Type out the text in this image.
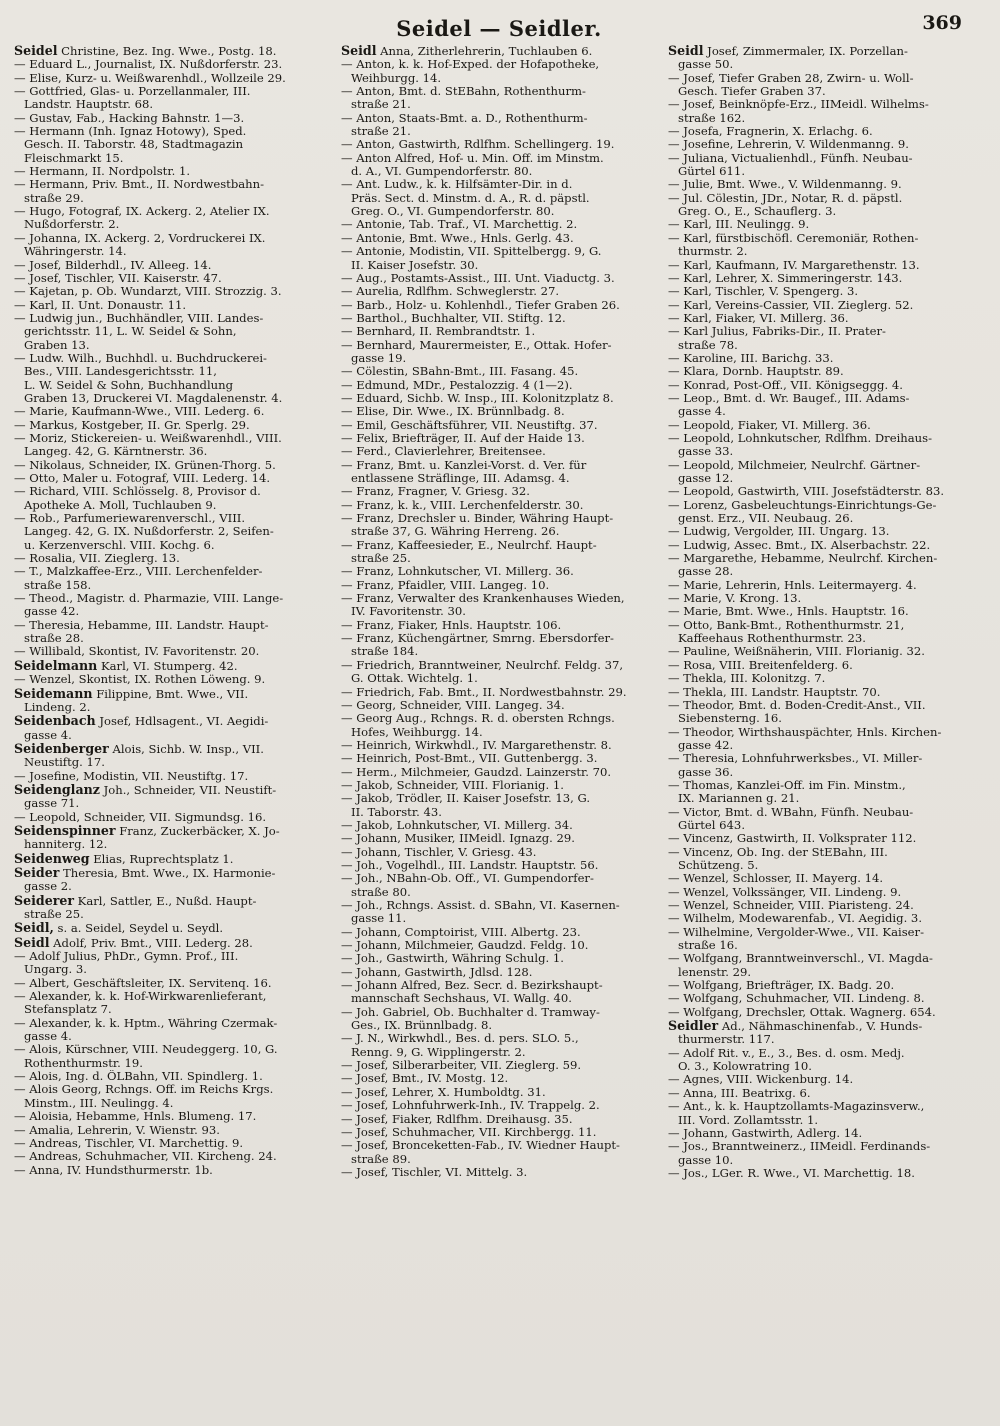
Seidel — Seidler.	369
Seidel Christine, Bez. Ing. Wwe., Postg. 18.
— Eduard L., Journalist, IX. Nußdorferstr. 23.
— Elise, Kurz- u. Weißwarenhdl., Wollzeile 29.
— Gottfried, Glas- u. Porzellanmaler, III.
Landstr. Hauptstr. 68.
— Gustav, Fab., Hacking Bahnstr. 1—3.
— Hermann (Inh. Ignaz Hotowy), Sped.
Gesch. II. Taborstr. 48, Stadtmagazin
Fleischmarkt 15.
— Hermann, II. Nordpolstr. 1.
— Hermann, Priv. Bmt., II. Nordwestbahn-
straße 29.
— Hugo, Fotograf, IX. Ackerg. 2, Atelier IX.
Nußdorferstr. 2.
— Johanna, IX. Ackerg. 2, Vordruckerei IX.
Währingerstr. 14.
— Josef, Bilderhdl., IV. Alleeg. 14.
— Josef, Tischler, VII. Kaiserstr. 47.
— Kajetan, p. Ob. Wundarzt, VIII. Strozzig. 3.
— Karl, II. Unt. Donaustr. 11.
— Ludwig jun., Buchhändler, VIII. Landes-
gerichtsstr. 11, L. W. Seidel & Sohn,
Graben 13.
— Ludw. Wilh., Buchhdl. u. Buchdruckerei-
Bes., VIII. Landesgerichtsstr. 11,
L. W. Seidel & Sohn, Buchhandlung
Graben 13, Druckerei VI. Magdalenenstr. 4.
— Marie, Kaufmann-Wwe., VIII. Lederg. 6.
— Markus, Kostgeber, II. Gr. Sperlg. 29.
— Moriz, Stickereien- u. Weißwarenhdl., VIII.
Langeg. 42, G. Kärntnerstr. 36.
— Nikolaus, Schneider, IX. Grünen-Thorg. 5.
— Otto, Maler u. Fotograf, VIII. Lederg. 14.
— Richard, VIII. Schlösselg. 8, Provisor d.
Apotheke A. Moll, Tuchlauben 9.
— Rob., Parfumeriewarenverschl., VIII.
Langeg. 42, G. IX. Nußdorferstr. 2, Seifen-
u. Kerzenverschl. VIII. Kochg. 6.
— Rosalia, VII. Zieglerg. 13.
— T., Malzkaffee-Erz., VIII. Lerchenfelder-
straße 158.
— Theod., Magistr. d. Pharmazie, VIII. Lange-
gasse 42.
— Theresia, Hebamme, III. Landstr. Haupt-
straße 28.
— Willibald, Skontist, IV. Favoritenstr. 20.
Seidelmann Karl, VI. Stumperg. 42.
— Wenzel, Skontist, IX. Rothen Löweng. 9.
Seidemann Filippine, Bmt. Wwe., VII.
Lindeng. 2.
Seidenbach Josef, Hdlsagent., VI. Aegidi-
gasse 4.
Seidenberger Alois, Sichb. W. Insp., VII.
Neustiftg. 17.
— Josefine, Modistin, VII. Neustiftg. 17.
Seidenglanz Joh., Schneider, VII. Neustift-
gasse 71.
— Leopold, Schneider, VII. Sigmundsg. 16.
Seidenspinner Franz, Zuckerbäcker, X. Jo-
hanniterg. 12.
Seidenweg Elias, Ruprechtsplatz 1.
Seider Theresia, Bmt. Wwe., IX. Harmonie-
gasse 2.
Seiderer Karl, Sattler, E., Nußd. Haupt-
straße 25.
Seidl, s. a. Seidel, Seydel u. Seydl.
Seidl Adolf, Priv. Bmt., VIII. Lederg. 28.
— Adolf Julius, PhDr., Gymn. Prof., III.
Ungarg. 3.
— Albert, Geschäftsleiter, IX. Servitenq. 16.
— Alexander, k. k. Hof-Wirkwarenlieferant,
Stefansplatz 7.
— Alexander, k. k. Hptm., Währing Czermak-
gasse 4.
— Alois, Kürschner, VIII. Neudeggerg. 10, G.
Rothenthurmstr. 19.
— Alois, Ing. d. ÖLBahn, VII. Spindlerg. 1.
— Alois Georg, Rchngs. Off. im Reichs Krgs.
Minstm., III. Neulingg. 4.
— Aloisia, Hebamme, Hnls. Blumeng. 17.
— Amalia, Lehrerin, V. Wienstr. 93.
— Andreas, Tischler, VI. Marchettig. 9.
— Andreas, Schuhmacher, VII. Kircheng. 24.
— Anna, IV. Hundsthurmerstr. 1b.
Seidl Anna, Zitherlehrerin, Tuchlauben 6.
— Anton, k. k. Hof-Exped. der Hofapotheke,
Weihburgg. 14.
— Anton, Bmt. d. StEBahn, Rothenthurm-
straße 21.
— Anton, Staats-Bmt. a. D., Rothenthurm-
straße 21.
— Anton, Gastwirth, Rdlfhm. Schellingerg. 19.
— Anton Alfred, Hof- u. Min. Off. im Minstm.
d. A., VI. Gumpendorferstr. 80.
— Ant. Ludw., k. k. Hilfsämter-Dir. in d.
Präs. Sect. d. Minstm. d. A., R. d. päpstl.
Greg. O., VI. Gumpendorferstr. 80.
— Antonie, Tab. Traf., VI. Marchettig. 2.
— Antonie, Bmt. Wwe., Hnls. Gerlg. 43.
— Antonie, Modistin, VII. Spittelbergg. 9, G.
II. Kaiser Josefstr. 30.
— Aug., Postamts-Assist., III. Unt. Viaductg. 3.
— Aurelia, Rdlfhm. Schweglerstr. 27.
— Barb., Holz- u. Kohlenhdl., Tiefer Graben 26.
— Barthol., Buchhalter, VII. Stiftg. 12.
— Bernhard, II. Rembrandtstr. 1.
— Bernhard, Maurermeister, E., Ottak. Hofer-
gasse 19.
— Cölestin, SBahn-Bmt., III. Fasang. 45.
— Edmund, MDr., Pestalozzig. 4 (1—2).
— Eduard, Sichb. W. Insp., III. Kolonitzplatz 8.
— Elise, Dir. Wwe., IX. Brünnlbadg. 8.
— Emil, Geschäftsführer, VII. Neustiftg. 37.
— Felix, Briefträger, II. Auf der Haide 13.
— Ferd., Clavierlehrer, Breitensee.
— Franz, Bmt. u. Kanzlei-Vorst. d. Ver. für
entlassene Sträflinge, III. Adamsg. 4.
— Franz, Fragner, V. Griesg. 32.
— Franz, k. k., VIII. Lerchenfelderstr. 30.
— Franz, Drechsler u. Binder, Währing Haupt-
straße 37, G. Währing Herreng. 26.
— Franz, Kaffeesieder, E., Neulrchf. Haupt-
straße 25.
— Franz, Lohnkutscher, VI. Millerg. 36.
— Franz, Pfaidler, VIII. Langeg. 10.
— Franz, Verwalter des Krankenhauses Wieden,
IV. Favoritenstr. 30.
— Franz, Fiaker, Hnls. Hauptstr. 106.
— Franz, Küchengärtner, Smrng. Ebersdorfer-
straße 184.
— Friedrich, Branntweiner, Neulrchf. Feldg. 37,
G. Ottak. Wichtelg. 1.
— Friedrich, Fab. Bmt., II. Nordwestbahnstr. 29.
— Georg, Schneider, VIII. Langeg. 34.
— Georg Aug., Rchngs. R. d. obersten Rchngs.
Hofes, Weihburgg. 14.
— Heinrich, Wirkwhdl., IV. Margarethenstr. 8.
— Heinrich, Post-Bmt., VII. Guttenbergg. 3.
— Herm., Milchmeier, Gaudzd. Lainzerstr. 70.
— Jakob, Schneider, VIII. Florianig. 1.
— Jakob, Trödler, II. Kaiser Josefstr. 13, G.
II. Taborstr. 43.
— Jakob, Lohnkutscher, VI. Millerg. 34.
— Johann, Musiker, IIMeidl. Ignazg. 29.
— Johann, Tischler, V. Griesg. 43.
— Joh., Vogelhdl., III. Landstr. Hauptstr. 56.
— Joh., NBahn-Ob. Off., VI. Gumpendorfer-
straße 80.
— Joh., Rchngs. Assist. d. SBahn, VI. Kasernen-
gasse 11.
— Johann, Comptoirist, VIII. Albertg. 23.
— Johann, Milchmeier, Gaudzd. Feldg. 10.
— Joh., Gastwirth, Währing Schulg. 1.
— Johann, Gastwirth, Jdlsd. 128.
— Johann Alfred, Bez. Secr. d. Bezirkshaupt-
mannschaft Sechshaus, VI. Wallg. 40.
— Joh. Gabriel, Ob. Buchhalter d. Tramway-
Ges., IX. Brünnlbadg. 8.
— J. N., Wirkwhdl., Bes. d. pers. SLO. 5.,
Renng. 9, G. Wipplingerstr. 2.
— Josef, Silberarbeiter, VII. Zieglerg. 59.
— Josef, Bmt., IV. Mostg. 12.
— Josef, Lehrer, X. Humboldtg. 31.
— Josef, Lohnfuhrwerk-Inh., IV. Trappelg. 2.
— Josef, Fiaker, Rdlfhm. Dreihausg. 35.
— Josef, Schuhmacher, VII. Kirchbergg. 11.
— Josef, Bronceketten-Fab., IV. Wiedner Haupt-
straße 89.
— Josef, Tischler, VI. Mittelg. 3.
Seidl Josef, Zimmermaler, IX. Porzellan-
gasse 50.
— Josef, Tiefer Graben 28, Zwirn- u. Woll-
Gesch. Tiefer Graben 37.
— Josef, Beinknöpfe-Erz., IIMeidl. Wilhelms-
straße 162.
— Josefa, Fragnerin, X. Erlachg. 6.
— Josefine, Lehrerin, V. Wildenmanng. 9.
— Juliana, Victualienhdl., Fünfh. Neubau-
Gürtel 611.
— Julie, Bmt. Wwe., V. Wildenmanng. 9.
— Jul. Cölestin, JDr., Notar, R. d. päpstl.
Greg. O., E., Schauflerg. 3.
— Karl, III. Neulingg. 9.
— Karl, fürstbischöfl. Ceremoniär, Rothen-
thurmstr. 2.
— Karl, Kaufmann, IV. Margarethenstr. 13.
— Karl, Lehrer, X. Simmeringerstr. 143.
— Karl, Tischler, V. Spengerg. 3.
— Karl, Vereins-Cassier, VII. Zieglerg. 52.
— Karl, Fiaker, VI. Millerg. 36.
— Karl Julius, Fabriks-Dir., II. Prater-
straße 78.
— Karoline, III. Barichg. 33.
— Klara, Dornb. Hauptstr. 89.
— Konrad, Post-Off., VII. Königseggg. 4.
— Leop., Bmt. d. Wr. Baugef., III. Adams-
gasse 4.
— Leopold, Fiaker, VI. Millerg. 36.
— Leopold, Lohnkutscher, Rdlfhm. Dreihaus-
gasse 33.
— Leopold, Milchmeier, Neulrchf. Gärtner-
gasse 12.
— Leopold, Gastwirth, VIII. Josefstädterstr. 83.
— Lorenz, Gasbeleuchtungs-Einrichtungs-Ge-
genst. Erz., VII. Neubaug. 26.
— Ludwig, Vergolder, III. Ungarg. 13.
— Ludwig, Assec. Bmt., IX. Alserbachstr. 22.
— Margarethe, Hebamme, Neulrchf. Kirchen-
gasse 28.
— Marie, Lehrerin, Hnls. Leitermayerg. 4.
— Marie, V. Krong. 13.
— Marie, Bmt. Wwe., Hnls. Hauptstr. 16.
— Otto, Bank-Bmt., Rothenthurmstr. 21,
Kaffeehaus Rothenthurmstr. 23.
— Pauline, Weißnäherin, VIII. Florianig. 32.
— Rosa, VIII. Breitenfelderg. 6.
— Thekla, III. Kolonitzg. 7.
— Thekla, III. Landstr. Hauptstr. 70.
— Theodor, Bmt. d. Boden-Credit-Anst., VII.
Siebensterng. 16.
— Theodor, Wirthshauspächter, Hnls. Kirchen-
gasse 42.
— Theresia, Lohnfuhrwerksbes., VI. Miller-
gasse 36.
— Thomas, Kanzlei-Off. im Fin. Minstm.,
IX. Mariannen g. 21.
— Victor, Bmt. d. WBahn, Fünfh. Neubau-
Gürtel 643.
— Vincenz, Gastwirth, II. Volksprater 112.
— Vincenz, Ob. Ing. der StEBahn, III.
Schützeng. 5.
— Wenzel, Schlosser, II. Mayerg. 14.
— Wenzel, Volkssänger, VII. Lindeng. 9.
— Wenzel, Schneider, VIII. Piaristeng. 24.
— Wilhelm, Modewarenfab., VI. Aegidig. 3.
— Wilhelmine, Vergolder-Wwe., VII. Kaiser-
straße 16.
— Wolfgang, Branntweinverschl., VI. Magda-
lenenstr. 29.
— Wolfgang, Briefträger, IX. Badg. 20.
— Wolfgang, Schuhmacher, VII. Lindeng. 8.
— Wolfgang, Drechsler, Ottak. Wagnerg. 654.
Seidler Ad., Nähmaschinenfab., V. Hunds-
thurmerstr. 117.
— Adolf Rit. v., E., 3., Bes. d. osm. Medj.
O. 3., Kolowratring 10.
— Agnes, VIII. Wickenburg. 14.
— Anna, III. Beatrixg. 6.
— Ant., k. k. Hauptzollamts-Magazinsverw.,
III. Vord. Zollamtsstr. 1.
— Johann, Gastwirth, Adlerg. 14.
— Jos., Branntweinerz., IIMeidl. Ferdinands-
gasse 10.
— Jos., LGer. R. Wwe., VI. Marchettig. 18.
